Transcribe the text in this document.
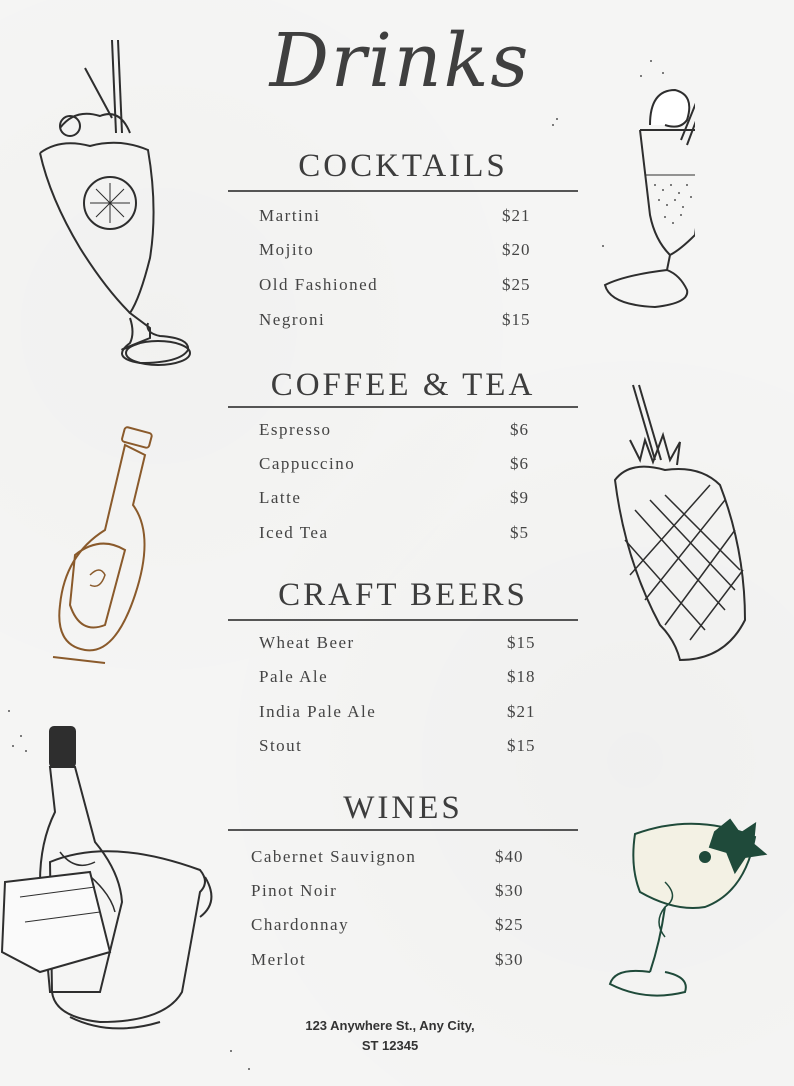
Drinks
COCKTAILS
Martini	$21
Mojito	$20
Old Fashioned	$25
Negroni	$15
COFFEE & TEA
Espresso	$6
Cappuccino	$6
Latte	$9
Iced Tea	$5
CRAFT BEERS
Wheat Beer	$15
Pale Ale	$18
India Pale Ale	$21
Stout	$15
WINES
Cabernet Sauvignon	$40
Pinot Noir	$30
Chardonnay	$25
Merlot	$30
123 Anywhere St., Any City,
ST 12345
